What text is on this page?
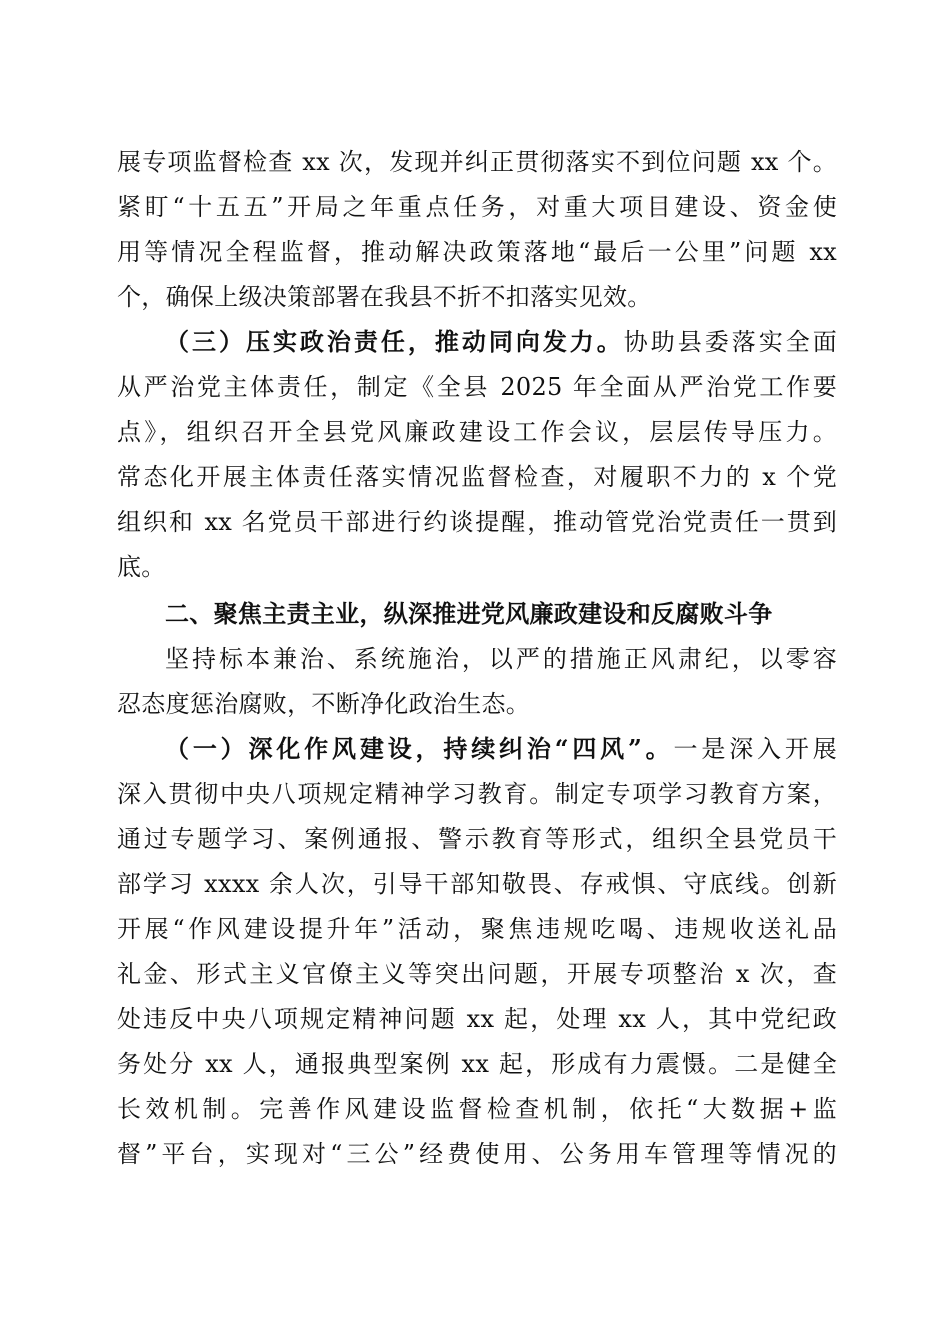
展专项监督检查 xx 次，发现并纠正贯彻落实不到位问题 xx 个。
紧盯“十五五”开局之年重点任务，对重大项目建设、资金使
用等情况全程监督，推动解决政策落地“最后一公里”问题 xx
个，确保上级决策部署在我县不折不扣落实见效。
（三）压实政治责任，推动同向发力。协助县委落实全面
从严治党主体责任，制定《全县 2025 年全面从严治党工作要
点》，组织召开全县党风廉政建设工作会议，层层传导压力。
常态化开展主体责任落实情况监督检查，对履职不力的 x 个党
组织和 xx 名党员干部进行约谈提醒，推动管党治党责任一贯到
底。
二、聚焦主责主业，纵深推进党风廉政建设和反腐败斗争
坚持标本兼治、系统施治，以严的措施正风肃纪，以零容
忍态度惩治腐败，不断净化政治生态。
（一）深化作风建设，持续纠治“四风”。一是深入开展
深入贯彻中央八项规定精神学习教育。制定专项学习教育方案，
通过专题学习、案例通报、警示教育等形式，组织全县党员干
部学习 xxxx 余人次，引导干部知敬畏、存戒惧、守底线。创新
开展“作风建设提升年”活动，聚焦违规吃喝、违规收送礼品
礼金、形式主义官僚主义等突出问题，开展专项整治 x 次，查
处违反中央八项规定精神问题 xx 起，处理 xx 人，其中党纪政
务处分 xx 人，通报典型案例 xx 起，形成有力震慑。二是健全
长效机制。完善作风建设监督检查机制，依托“大数据+监
督”平台，实现对“三公”经费使用、公务用车管理等情况的
